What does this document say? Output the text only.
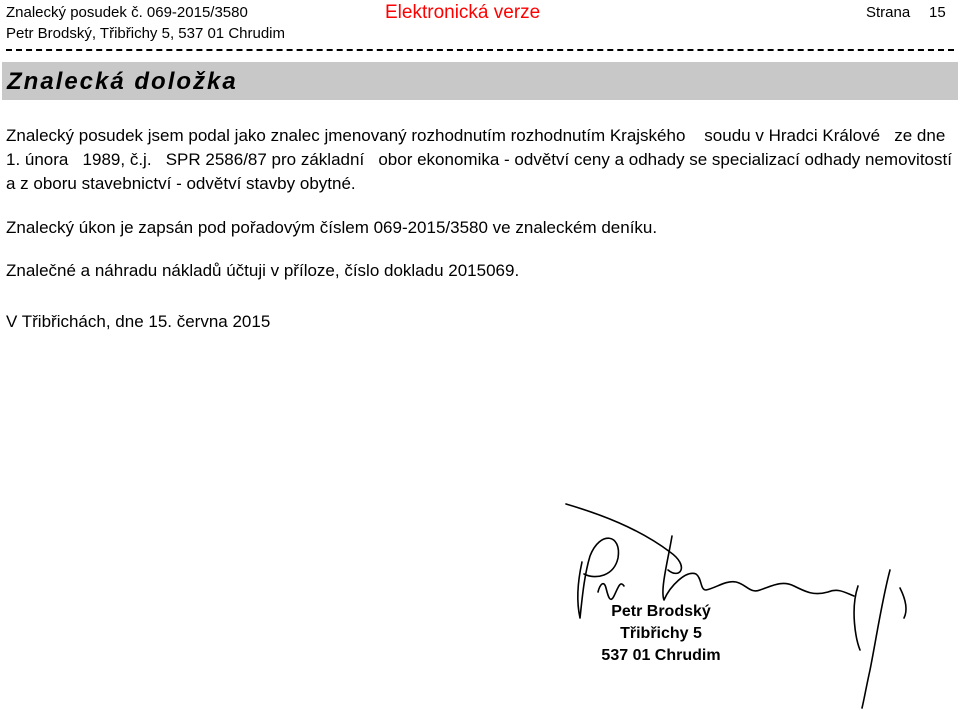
Znalecký posudek č. 069-2015/3580
Petr Brodský, Třibřichy 5, 537 01 Chrudim
Elektronická verze	Strana 15
Znalecká doložka

Znalecký posudek jsem podal jako znalec jmenovaný rozhodnutím rozhodnutím Krajského    soudu v Hradci Králové   ze dne 1. února   1989, č.j.   SPR 2586/87 pro základní   obor ekonomika - odvětví ceny a odhady se specializací odhady nemovitostí a z oboru stavebnictví - odvětví stavby obytné.

Znalecký úkon je zapsán pod pořadovým číslem 069-2015/3580 ve znaleckém deníku.

Znalečné a náhradu nákladů účtuji v příloze, číslo dokladu 2015069.

V Třibřichách, dne 15. června 2015

Petr Brodský
Třibřichy 5
537 01 Chrudim
